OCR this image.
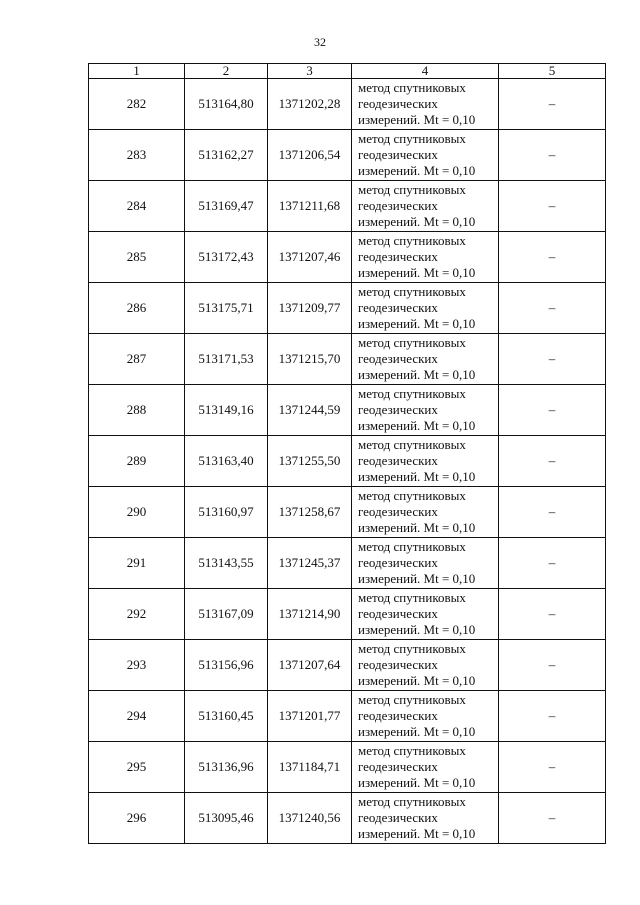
32
1	2	3	4	5
282	513164,80	1371202,28	метод спутниковых
геодезических
измерений. Mt = 0,10	–
283	513162,27	1371206,54	метод спутниковых
геодезических
измерений. Mt = 0,10	–
284	513169,47	1371211,68	метод спутниковых
геодезических
измерений. Mt = 0,10	–
285	513172,43	1371207,46	метод спутниковых
геодезических
измерений. Mt = 0,10	–
286	513175,71	1371209,77	метод спутниковых
геодезических
измерений. Mt = 0,10	–
287	513171,53	1371215,70	метод спутниковых
геодезических
измерений. Mt = 0,10	–
288	513149,16	1371244,59	метод спутниковых
геодезических
измерений. Mt = 0,10	–
289	513163,40	1371255,50	метод спутниковых
геодезических
измерений. Mt = 0,10	–
290	513160,97	1371258,67	метод спутниковых
геодезических
измерений. Mt = 0,10	–
291	513143,55	1371245,37	метод спутниковых
геодезических
измерений. Mt = 0,10	–
292	513167,09	1371214,90	метод спутниковых
геодезических
измерений. Mt = 0,10	–
293	513156,96	1371207,64	метод спутниковых
геодезических
измерений. Mt = 0,10	–
294	513160,45	1371201,77	метод спутниковых
геодезических
измерений. Mt = 0,10	–
295	513136,96	1371184,71	метод спутниковых
геодезических
измерений. Mt = 0,10	–
296	513095,46	1371240,56	метод спутниковых
геодезических
измерений. Mt = 0,10	–
